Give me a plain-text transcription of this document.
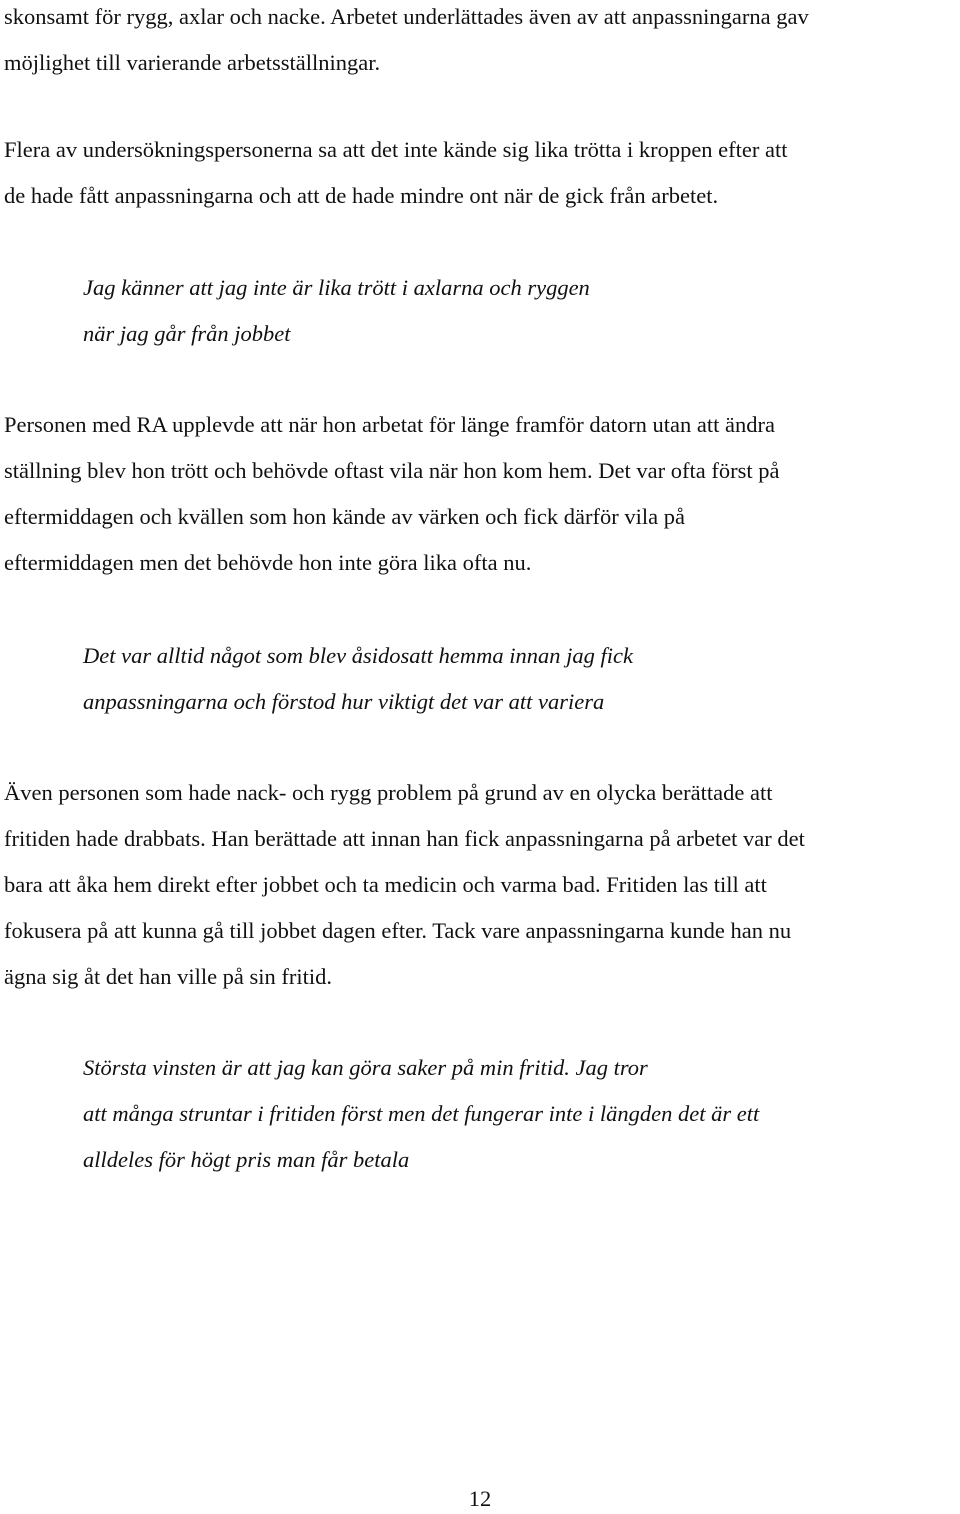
skonsamt för rygg, axlar och nacke. Arbetet underlättades även av att anpassningarna gav
möjlighet till varierande arbetsställningar.

Flera av undersökningspersonerna sa att det inte kände sig lika trötta i kroppen efter att
de hade fått anpassningarna och att de hade mindre ont när de gick från arbetet.

Jag känner att jag inte är lika trött i axlarna och ryggen
när jag går från jobbet

Personen med RA upplevde att när hon arbetat för länge framför datorn utan att ändra
ställning blev hon trött och behövde oftast vila när hon kom hem. Det var ofta först på
eftermiddagen och kvällen som hon kände av värken och fick därför vila på
eftermiddagen men det behövde hon inte göra lika ofta nu.

Det var alltid något som blev åsidosatt hemma innan jag fick
anpassningarna och förstod hur viktigt det var att variera

Även personen som hade nack- och rygg problem på grund av en olycka berättade att
fritiden hade drabbats. Han berättade att innan han fick anpassningarna på arbetet var det
bara att åka hem direkt efter jobbet och ta medicin och varma bad. Fritiden las till att
fokusera på att kunna gå till jobbet dagen efter. Tack vare anpassningarna kunde han nu
ägna sig åt det han ville på sin fritid.

Största vinsten är att jag kan göra saker på min fritid. Jag tror
att många struntar i fritiden först men det fungerar inte i längden det är ett
alldeles för högt pris man får betala
12
